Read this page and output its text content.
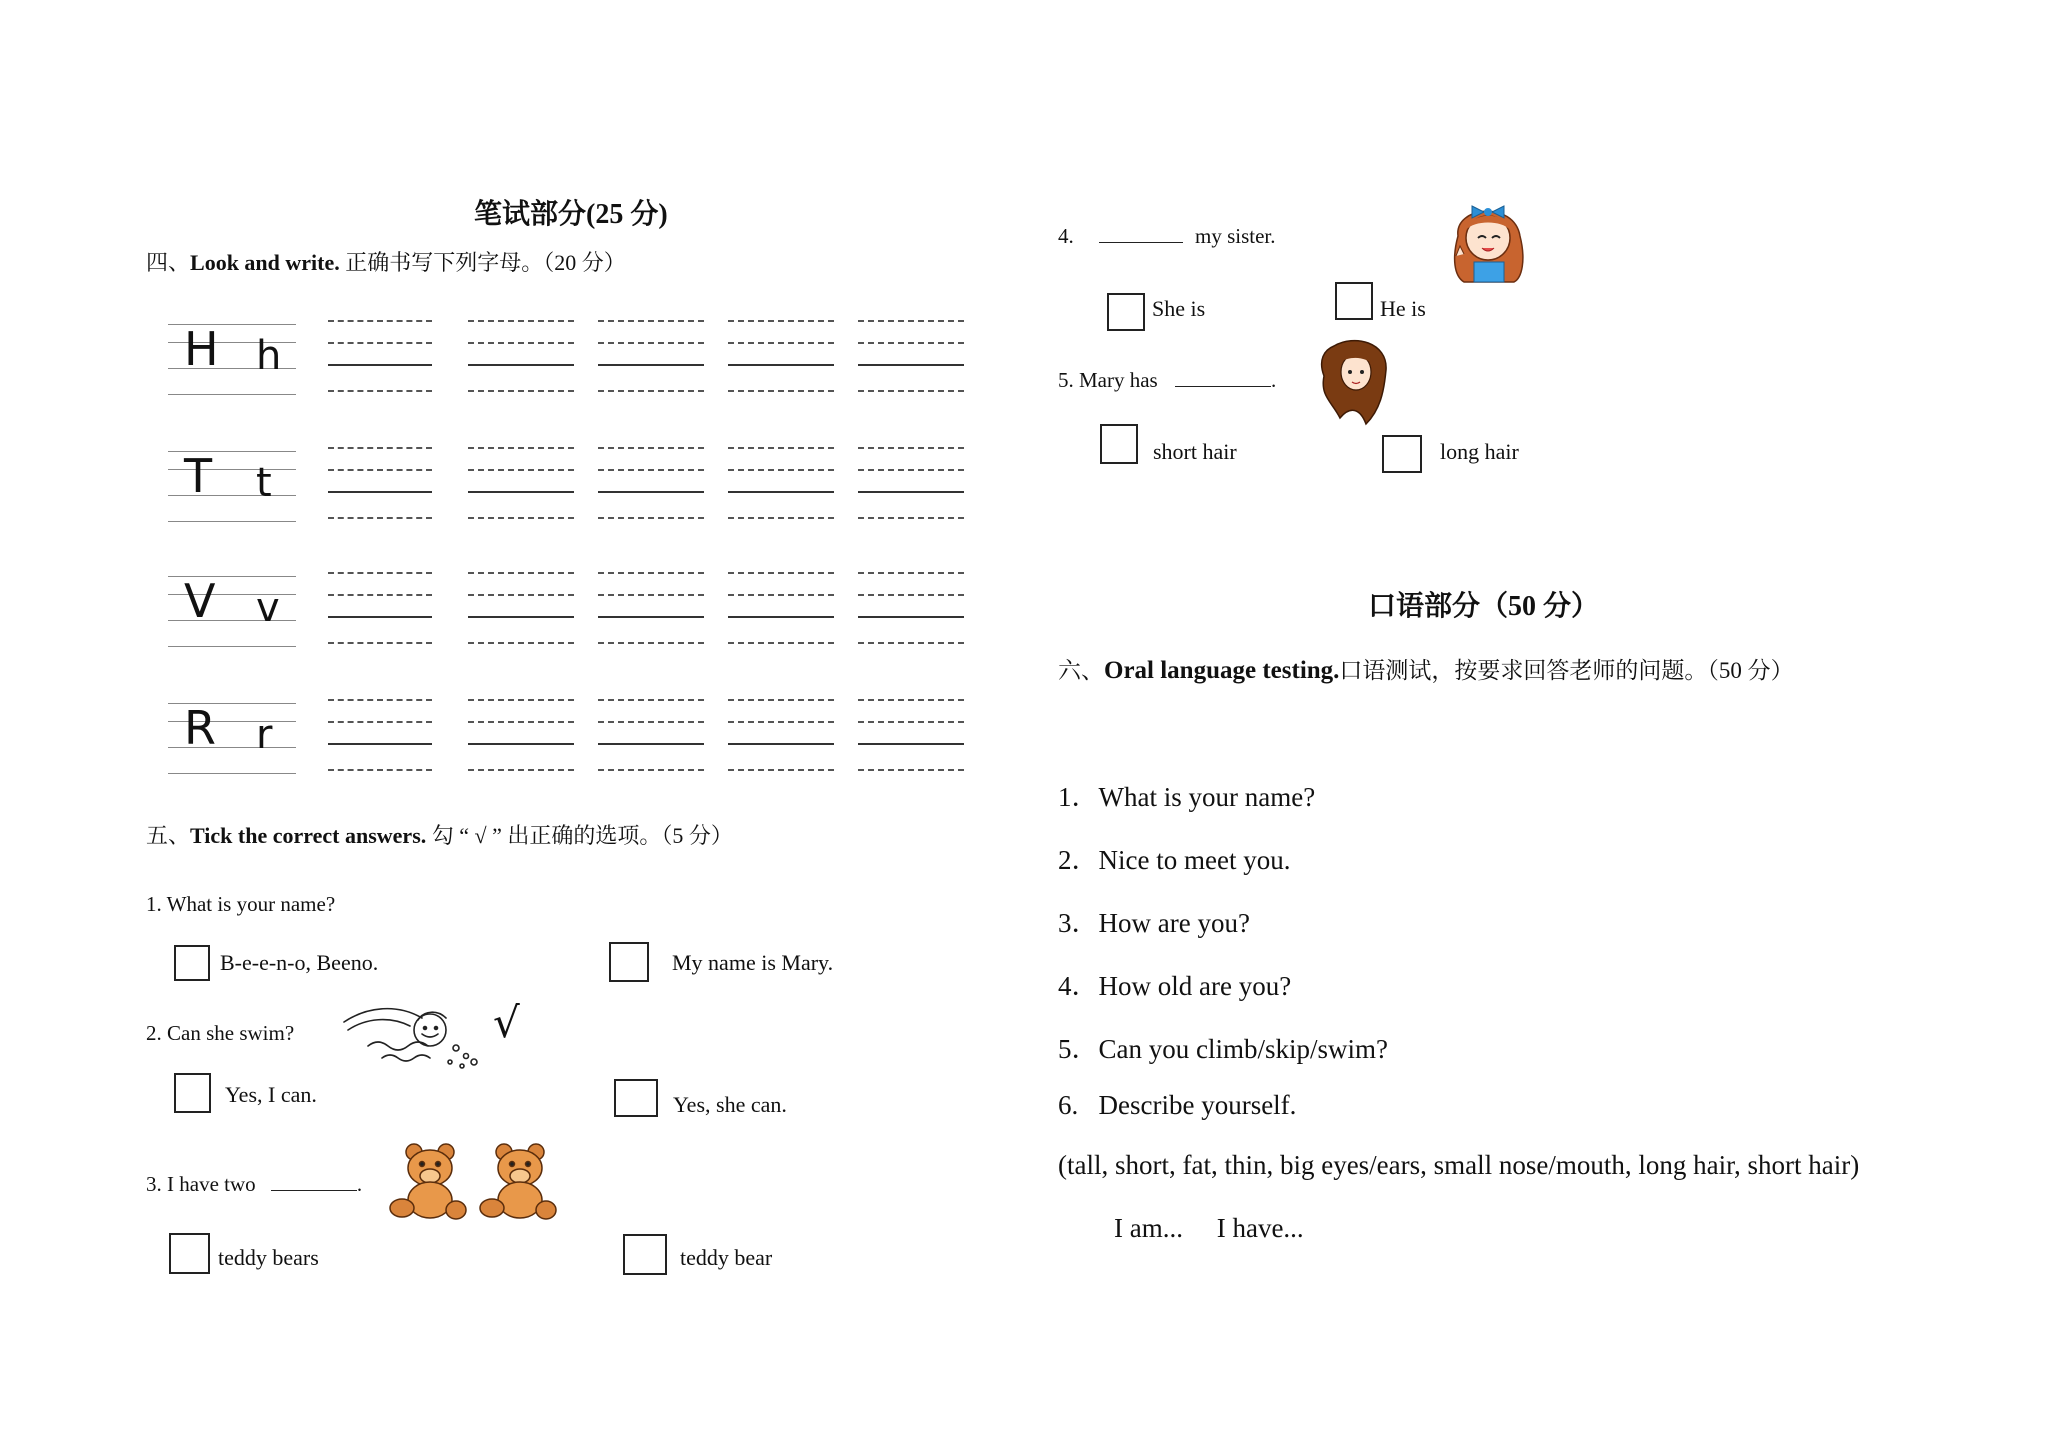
笔试部分(25 分)
四、Look and write. 正确书写下列字母。（20 分）
H h
T t
V v
R r
五、Tick the correct answers. 勾 “ √ ” 出正确的选项。（5 分）
1. What is your name?
B-e-e-n-o, Beeno.	My name is Mary.
2. Can she swim?	√
Yes, I can.	Yes, she can.
3. I have two	.
teddy bears	teddy bear
4.	my sister.
She is	He is
5. Mary has	.
short hair	long hair
口语部分（50 分）
六、Oral language testing.口语测试，按要求回答老师的问题。（50 分）
1．What is your name?
2．Nice to meet you.
3．How are you?
4．How old are you?
5．Can you climb/skip/swim?
6.   Describe yourself.
(tall, short, fat, thin, big eyes/ears, small nose/mouth, long hair, short hair)
I am...     I have...
